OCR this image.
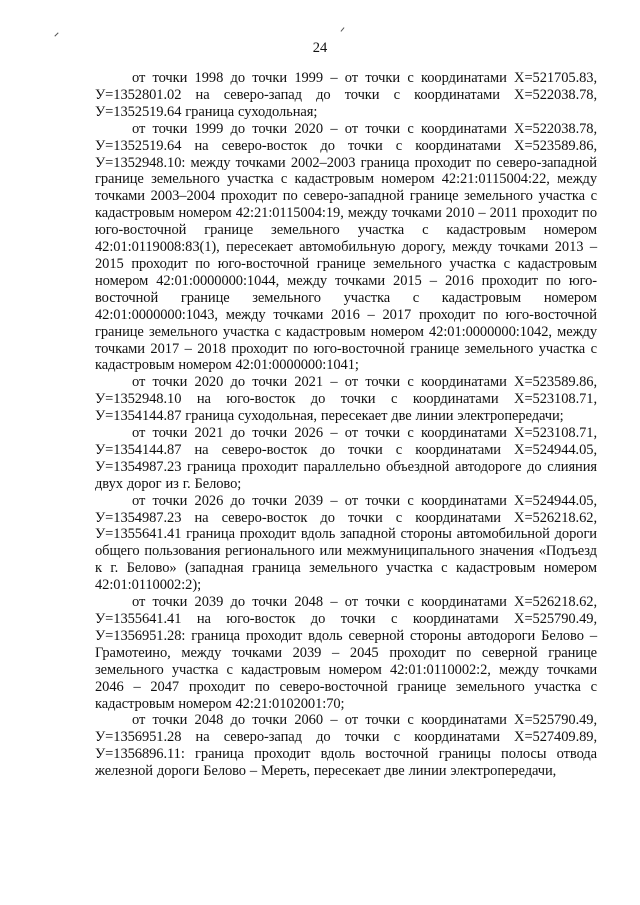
24

от точки 1998 до точки 1999 – от точки с координатами Х=521705.83, У=1352801.02 на северо-запад до точки с координатами Х=522038.78, У=1352519.64 граница суходольная;

от точки 1999 до точки 2020 – от точки с координатами Х=522038.78, У=1352519.64 на северо-восток до точки с координатами Х=523589.86, У=1352948.10: между точками 2002–2003 граница проходит по северо-западной границе земельного участка с кадастровым номером 42:21:0115004:22, между точками 2003–2004 проходит по северо-западной границе земельного участка с кадастровым номером 42:21:0115004:19, между точками 2010 – 2011 проходит по юго-восточной границе земельного участка с кадастровым номером 42:01:0119008:83(1), пересекает автомобильную дорогу, между точками 2013 – 2015 проходит по юго-восточной границе земельного участка с кадастровым номером 42:01:0000000:1044, между точками 2015 – 2016 проходит по юго-восточной границе земельного участка с кадастровым номером 42:01:0000000:1043, между точками 2016 – 2017 проходит по юго-восточной границе земельного участка с кадастровым номером 42:01:0000000:1042, между точками 2017 – 2018 проходит по юго-восточной границе земельного участка с кадастровым номером 42:01:0000000:1041;

от точки 2020 до точки 2021 – от точки с координатами Х=523589.86, У=1352948.10 на юго-восток до точки с координатами Х=523108.71, У=1354144.87 граница суходольная, пересекает две линии электропередачи;

от точки 2021 до точки 2026 – от точки с координатами Х=523108.71, У=1354144.87 на северо-восток до точки с координатами Х=524944.05, У=1354987.23 граница проходит параллельно объездной автодороге до слияния двух дорог из г. Белово;

от точки 2026 до точки 2039 – от точки с координатами Х=524944.05, У=1354987.23 на северо-восток до точки с координатами Х=526218.62, У=1355641.41 граница проходит вдоль западной стороны автомобильной дороги общего пользования регионального или межмуниципального значения «Подъезд к г. Белово» (западная граница земельного участка с кадастровым номером 42:01:0110002:2);

от точки 2039 до точки 2048 – от точки с координатами Х=526218.62, У=1355641.41 на юго-восток до точки с координатами Х=525790.49, У=1356951.28: граница проходит вдоль северной стороны автодороги Белово – Грамотеино, между точками 2039 – 2045 проходит по северной границе земельного участка с кадастровым номером 42:01:0110002:2, между точками 2046 – 2047 проходит по северо-восточной границе земельного участка с кадастровым номером 42:21:0102001:70;

от точки 2048 до точки 2060 – от точки с координатами Х=525790.49, У=1356951.28 на северо-запад до точки с координатами Х=527409.89, У=1356896.11: граница проходит вдоль восточной границы полосы отвода железной дороги Белово – Мереть, пересекает две линии электропередачи,
